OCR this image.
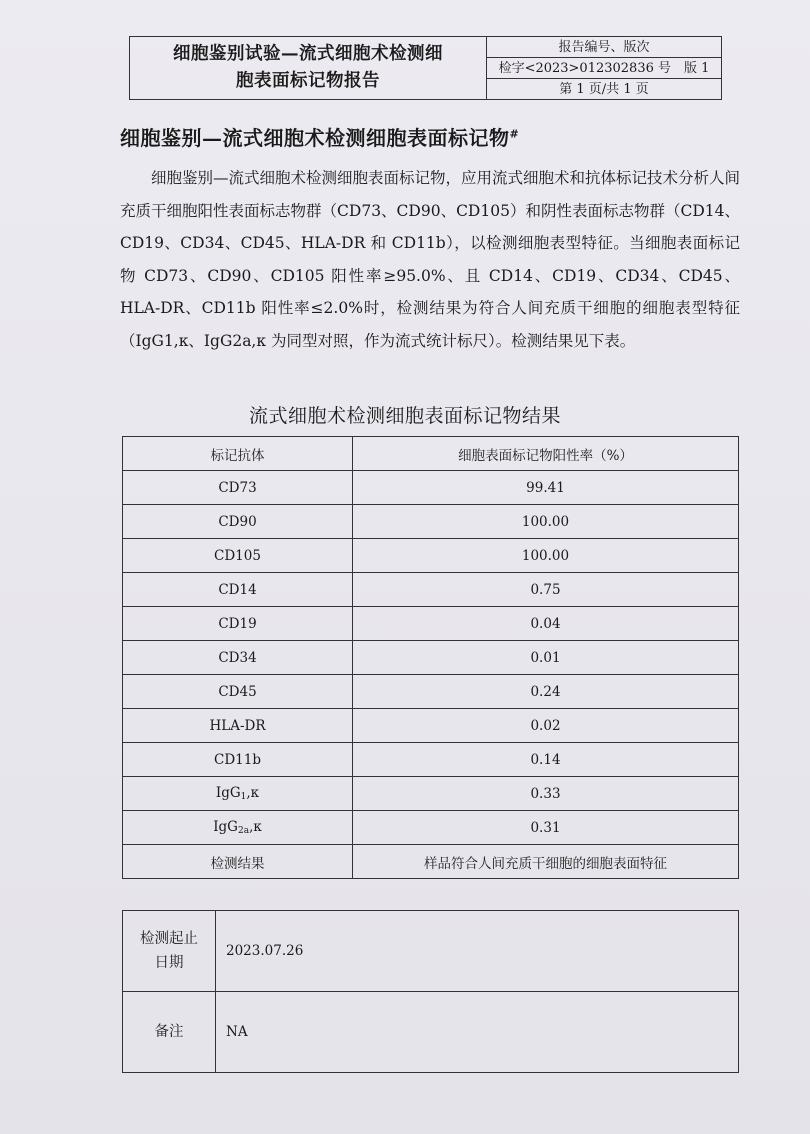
细胞鉴别试验—流式细胞术检测细
胞表面标记物报告
	报告编号、版次
检字<2023>012302836 号　版 1
第 1 页/共 1 页
细胞鉴别—流式细胞术检测细胞表面标记物#
细胞鉴别—流式细胞术检测细胞表面标记物，应用流式细胞术和抗体标记技术分析人间充质干细胞阳性表面标志物群（CD73、CD90、CD105）和阴性表面标志物群（CD14、CD19、CD34、CD45、HLA-DR 和 CD11b），以检测细胞表型特征。当细胞表面标记物 CD73、CD90、CD105 阳性率≥95.0%、且 CD14、CD19、CD34、CD45、HLA-DR、CD11b 阳性率≤2.0%时，检测结果为符合人间充质干细胞的细胞表型特征（IgG1,κ、IgG2a,κ 为同型对照，作为流式统计标尺）。检测结果见下表。
流式细胞术检测细胞表面标记物结果
标记抗体	细胞表面标记物阳性率（%）
CD73	99.41
CD90	100.00
CD105	100.00
CD14	0.75
CD19	0.04
CD34	0.01
CD45	0.24
HLA-DR	0.02
CD11b	0.14
IgG$_1$,κ	0.33
IgG$_{2a}$,κ	0.31
检测结果	样品符合人间充质干细胞的细胞表面特征
检测起止
日期	2023.07.26
备注	NA
